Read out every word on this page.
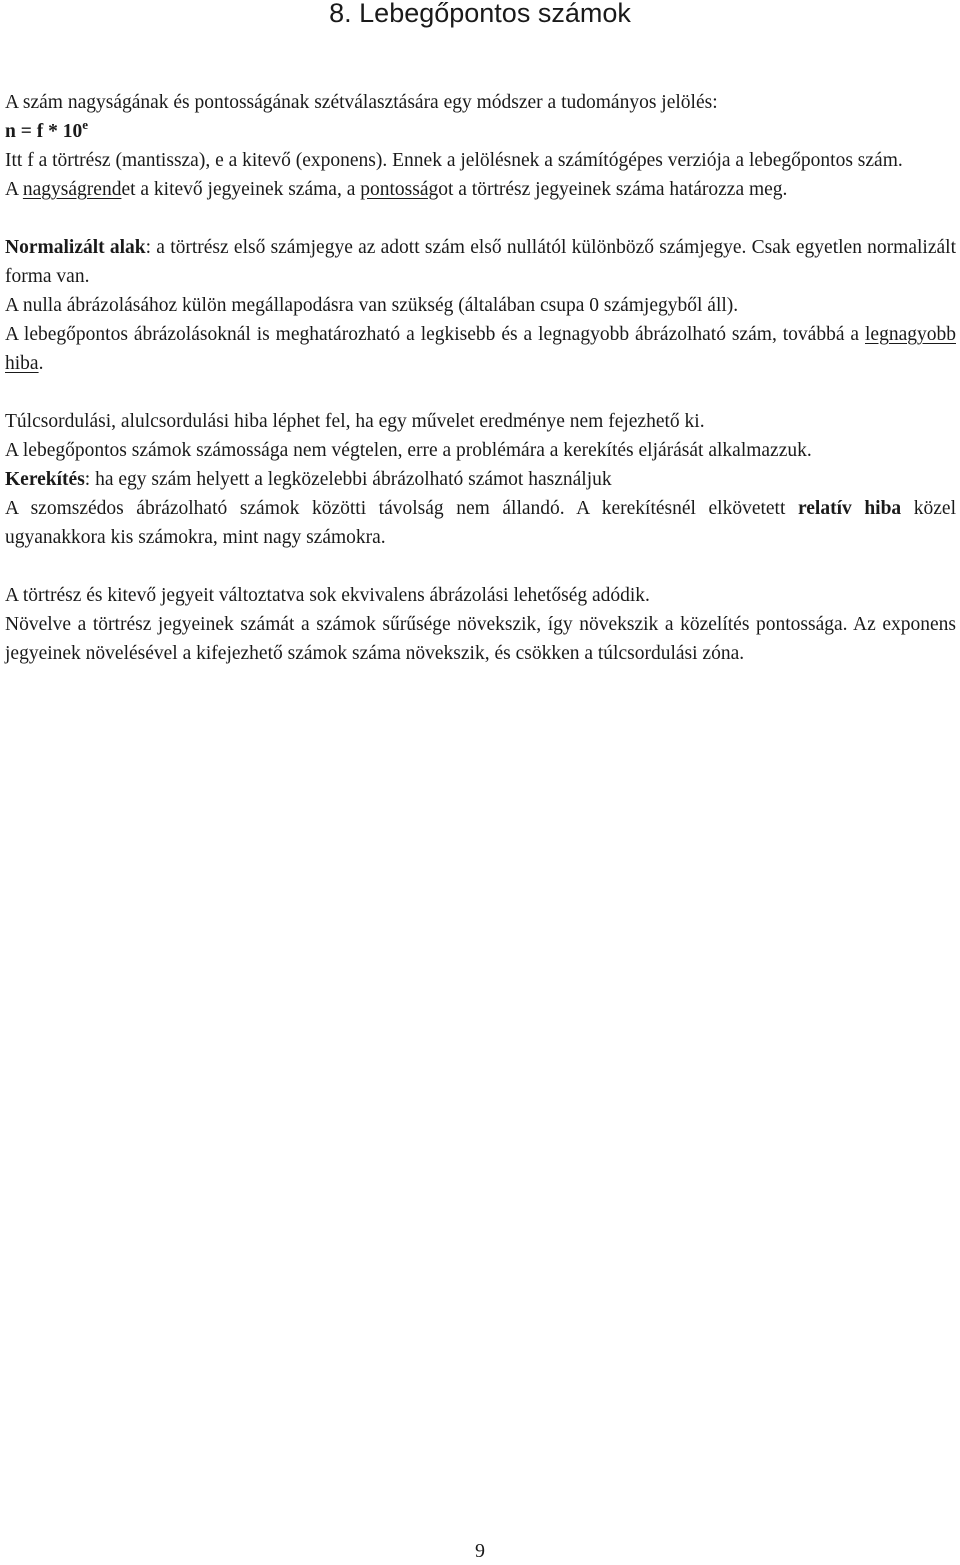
8. Lebegőpontos számok

A szám nagyságának és pontosságának szétválasztására egy módszer a tudományos jelölés:

n = f * 10e

Itt f a törtrész (mantissza), e a kitevő (exponens). Ennek a jelölésnek a számítógépes verziója a lebegőpontos szám.

A nagyságrendet a kitevő jegyeinek száma, a pontosságot a törtrész jegyeinek száma határozza meg.

Normalizált alak: a törtrész első számjegye az adott szám első nullától különböző számjegye. Csak egyetlen normalizált forma van.

A nulla ábrázolásához külön megállapodásra van szükség (általában csupa 0 számjegyből áll).

A lebegőpontos ábrázolásoknál is meghatározható a legkisebb és a legnagyobb ábrázolható szám, továbbá a legnagyobb hiba.

Túlcsordulási, alulcsordulási hiba léphet fel, ha egy művelet eredménye nem fejezhető ki.

A lebegőpontos számok számossága nem végtelen, erre a problémára a kerekítés eljárását alkalmazzuk.

Kerekítés: ha egy szám helyett a legközelebbi ábrázolható számot használjuk

A szomszédos ábrázolható számok közötti távolság nem állandó. A kerekítésnél elkövetett relatív hiba közel ugyanakkora kis számokra, mint nagy számokra.

A törtrész és kitevő jegyeit változtatva sok ekvivalens ábrázolási lehetőség adódik.

Növelve a törtrész jegyeinek számát a számok sűrűsége növekszik, így növekszik a közelítés pontossága. Az exponens jegyeinek növelésével a kifejezhető számok száma növekszik, és csökken a túlcsordulási zóna.

9
